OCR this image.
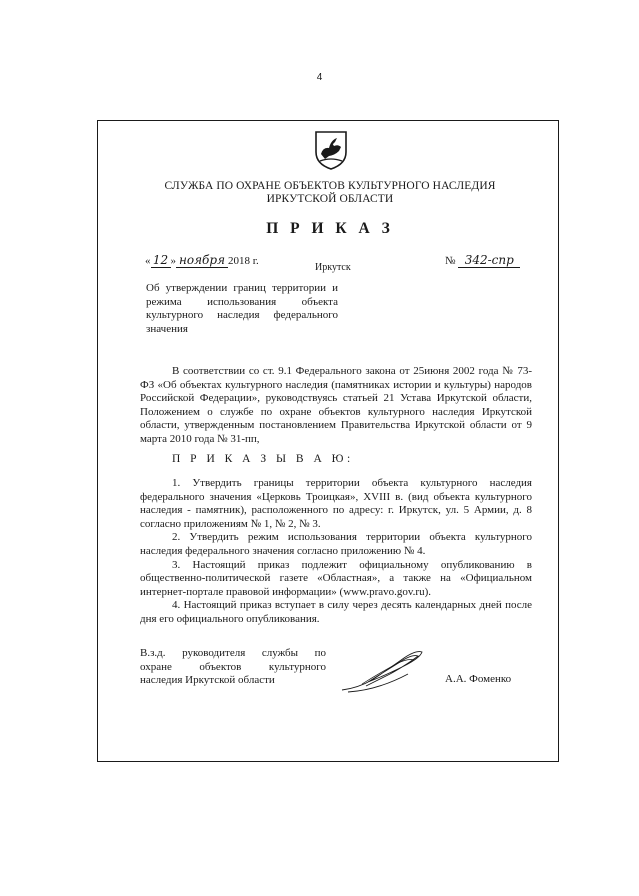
4
СЛУЖБА ПО ОХРАНЕ ОБЪЕКТОВ КУЛЬТУРНОГО НАСЛЕДИЯ
ИРКУТСКОЙ ОБЛАСТИ
П Р И К А З
« 12 » ноября 2018 г.	№ 342-спр
Иркутск
Об утверждении границ территории и режима использования объекта культурного наследия федерального значения
В соответствии со ст. 9.1 Федерального закона от 25июня 2002 года № 73-ФЗ «Об объектах культурного наследия (памятниках истории и культуры) народов Российской Федерации», руководствуясь статьей 21 Устава Иркутской области, Положением о службе по охране объектов культурного наследия Иркутской области, утвержденным постановлением Правительства Иркутской области от 9 марта 2010 года № 31-пп,
П Р И К А З Ы В А Ю:

1. Утвердить границы территории объекта культурного наследия федерального значения «Церковь Троицкая», XVIII в. (вид объекта культурного наследия - памятник), расположенного по адресу: г. Иркутск, ул. 5 Армии, д. 8 согласно приложениям № 1, № 2, № 3.

2. Утвердить режим использования территории объекта культурного наследия федерального значения согласно приложению № 4.

3. Настоящий приказ подлежит официальному опубликованию в общественно-политической газете «Областная», а также на «Официальном интернет-портале правовой информации» (www.pravo.gov.ru).

4. Настоящий приказ вступает в силу через десять календарных дней после дня его официального опубликования.

В.з.д. руководителя службы по
охране объектов культурного
наследия Иркутской области	А.А. Фоменко
